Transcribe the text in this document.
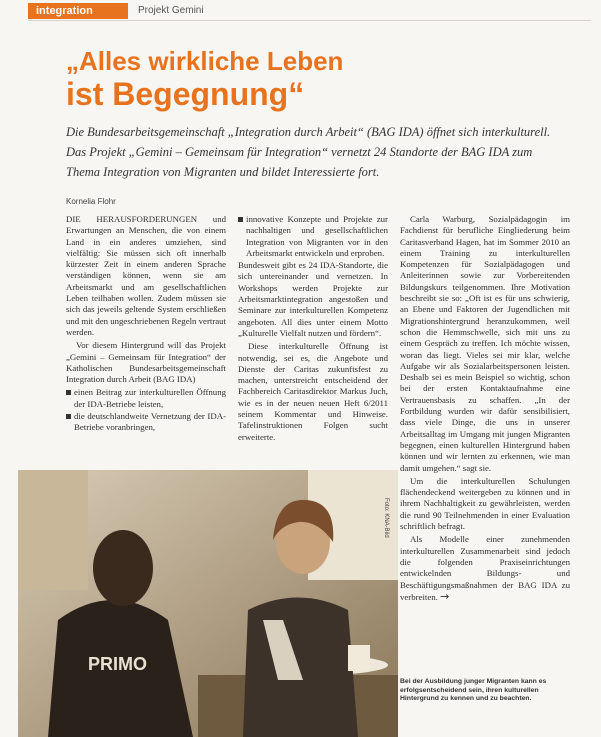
integration	Projekt Gemini
„Alles wirkliche Leben
ist Begegnung“

Die Bundesarbeitsgemeinschaft „Integration durch Arbeit“ (BAG IDA) öffnet sich interkulturell. Das Projekt „Gemini – Gemeinsam für Integration“ vernetzt 24 Standorte der BAG IDA zum Thema Integration von Migranten und bildet Interessierte fort.

Kornelia Flohr

DIE HERAUSFORDERUNGEN und Erwartungen an Menschen, die von einem Land in ein anderes umziehen, sind vielfältig: Sie müssen sich oft innerhalb kürzester Zeit in einem anderen Sprache verständigen können, wenn sie am Arbeitsmarkt und am gesellschaftlichen Leben teilhaben wollen. Zudem müssen sie sich das jeweils geltende System erschließen und mit den ungeschriebenen Regeln vertraut werden.

Vor diesem Hintergrund will das Projekt „Gemini – Gemeinsam für Integration“ der Katholischen Bundesarbeitsgemeinschaft Integration durch Arbeit (BAG IDA)

einen Beitrag zur interkulturellen Öffnung der IDA-Betriebe leisten,
die deutschlandweite Vernetzung der IDA-Betriebe voranbringen,
innovative Konzepte und Projekte zur nachhaltigen und gesellschaftlichen Integration von Migranten vor in den Arbeitsmarkt entwickeln und erproben.

Bundesweit gibt es 24 IDA-Standorte, die sich untereinander und vernetzen. In Workshops werden Projekte zur Arbeitsmarktintegration angestoßen und Seminare zur interkulturellen Kompetenz angeboten. All dies unter einem Motto „Kulturelle Vielfalt nutzen und fördern“.

Diese interkulturelle Öffnung ist notwendig, sei es, die Angebote und Dienste der Caritas zukunftsfest zu machen, unterstreicht entscheidend der Fachbereich Caritasdirektor Markus Juch, wie es in der neuen neuen Heft 6/2011 seinem Kommentar und Hinweise. Tafelinstruktionen Folgen sucht erweiterte.

Carla Warburg, Sozialpädagogin im Fachdienst für berufliche Eingliederung beim Caritasverband Hagen, hat im Sommer 2010 an einem Training zu interkulturellen Kompetenzen für Sozialpädagogen und Anleiterinnen sowie zur Vorbereitenden Bildungskurs teilgenommen. Ihre Motivation beschreibt sie so: „Oft ist es für uns schwierig, an Ebene und Faktoren der Jugendlichen mit Migrationshintergrund heranzukommen, weil schon die Hemmschwelle, sich mit uns zu einem Gespräch zu treffen. Ich möchte wissen, woran das liegt. Vieles sei mir klar, welche Aufgabe wir als Sozialarbeitspersonen leisten. Deshalb sei es mein Beispiel so wichtig, schon bei der ersten Kontaktaufnahme eine Vertrauensbasis zu schaffen. „In der Fortbildung wurden wir dafür sensibilisiert, dass viele Dinge, die uns in unserer Arbeitsalltag im Umgang mit jungen Migranten begegnen, einen kulturellen Hintergrund haben können und wir lernten zu erkennen, wie man damit umgehen.“ sagt sie.

Um die interkulturellen Schulungen flächendeckend weitergeben zu können und in ihrem Nachhaltigkeit zu gewährleisten, werden die rund 90 Teilnehmenden in einer Evaluation schriftlich befragt.

Als Modelle einer zunehmenden interkulturellen Zusammenarbeit sind jedoch die folgenden Praxiseinrichtungen entwickelnden Bildungs- und Beschäftigungsmaßnahmen der BAG IDA zu verbreiten. →

PRIMO
Foto: KNA-Bild
Bei der Ausbildung junger Migranten kann es erfolgsentscheidend sein, ihren kulturellen Hintergrund zu kennen und zu beachten.
